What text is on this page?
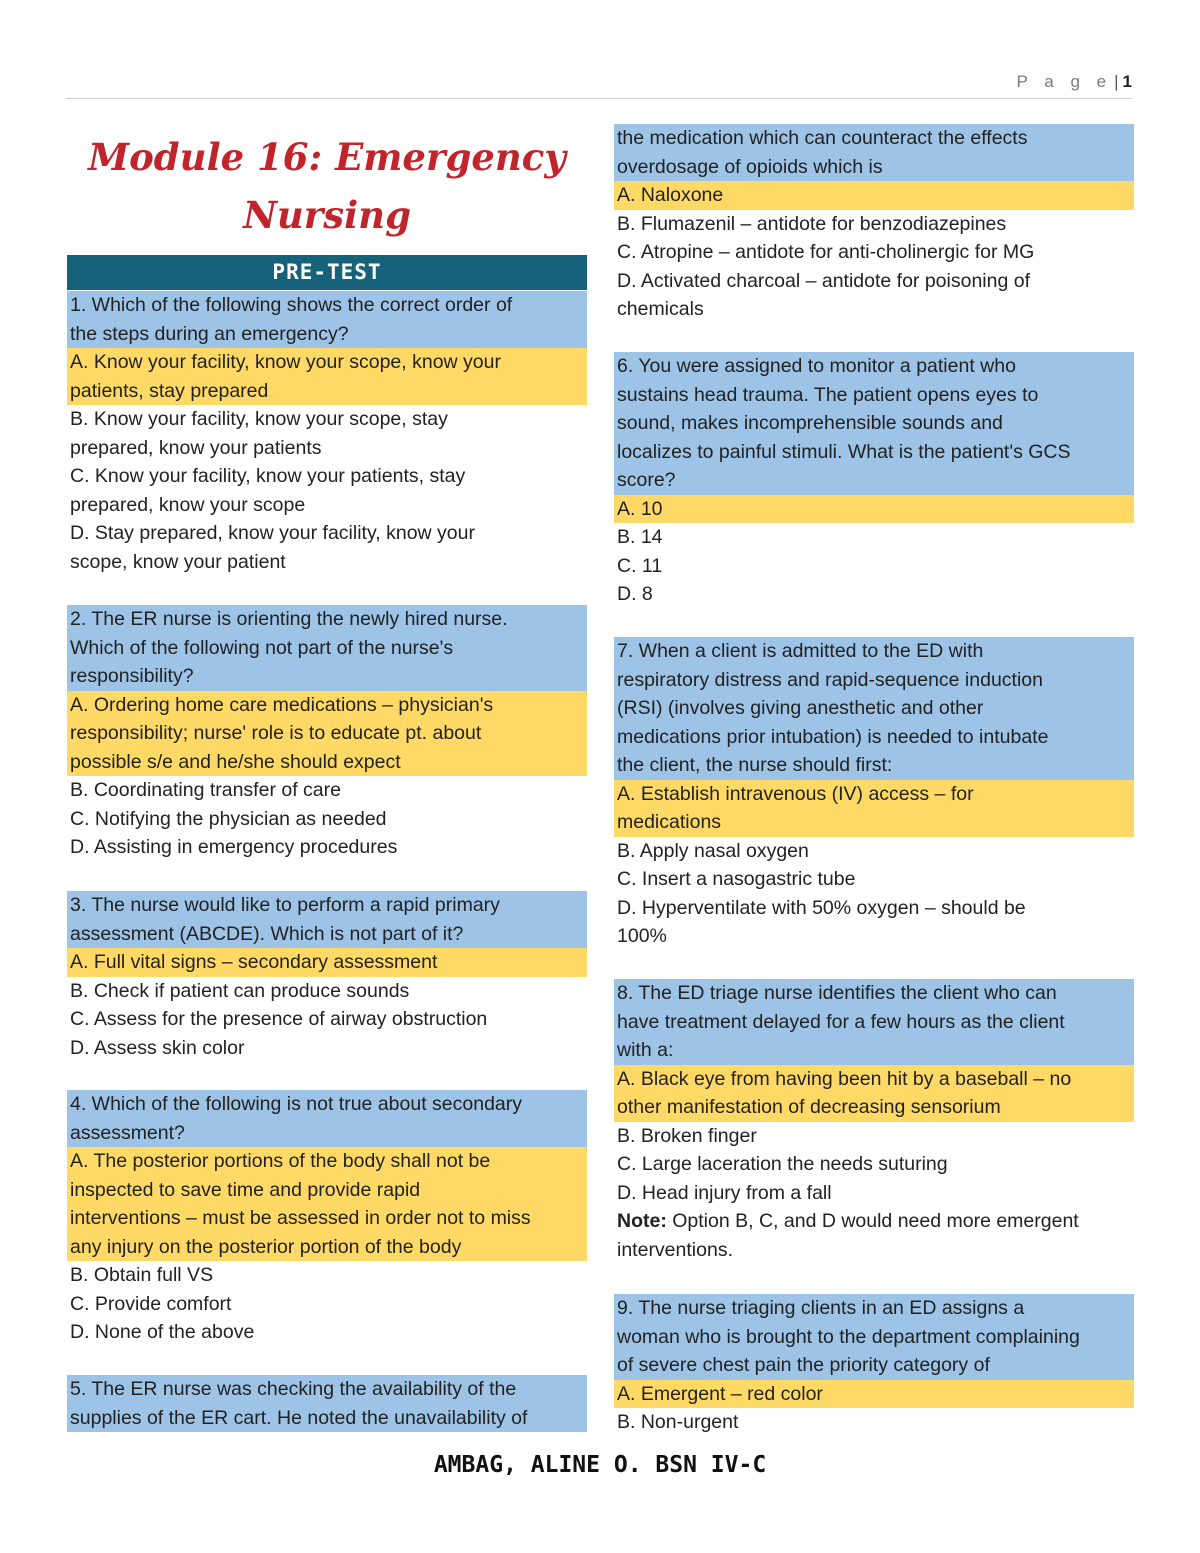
P a g e | 1
Module 16: Emergency
Nursing
PRE-TEST
1. Which of the following shows the correct order of
the steps during an emergency?
A. Know your facility, know your scope, know your
patients, stay prepared
B. Know your facility, know your scope, stay
prepared, know your patients
C. Know your facility, know your patients, stay
prepared, know your scope
D. Stay prepared, know your facility, know your
scope, know your patient
2. The ER nurse is orienting the newly hired nurse.
Which of the following not part of the nurse's
responsibility?
A. Ordering home care medications – physician's
responsibility; nurse' role is to educate pt. about
possible s/e and he/she should expect
B. Coordinating transfer of care
C. Notifying the physician as needed
D. Assisting in emergency procedures
3. The nurse would like to perform a rapid primary
assessment (ABCDE). Which is not part of it?
A. Full vital signs – secondary assessment
B. Check if patient can produce sounds
C. Assess for the presence of airway obstruction
D. Assess skin color
4. Which of the following is not true about secondary
assessment?
A. The posterior portions of the body shall not be
inspected to save time and provide rapid
interventions – must be assessed in order not to miss
any injury on the posterior portion of the body
B. Obtain full VS
C. Provide comfort
D. None of the above
5. The ER nurse was checking the availability of the
supplies of the ER cart. He noted the unavailability of
the medication which can counteract the effects
overdosage of opioids which is
A. Naloxone
B. Flumazenil – antidote for benzodiazepines
C. Atropine – antidote for anti-cholinergic for MG
D. Activated charcoal – antidote for poisoning of
chemicals
6. You were assigned to monitor a patient who
sustains head trauma. The patient opens eyes to
sound, makes incomprehensible sounds and
localizes to painful stimuli. What is the patient's GCS
score?
A. 10
B. 14
C. 11
D. 8
7. When a client is admitted to the ED with
respiratory distress and rapid-sequence induction
(RSI) (involves giving anesthetic and other
medications prior intubation) is needed to intubate
the client, the nurse should first:
A. Establish intravenous (IV) access – for
medications
B. Apply nasal oxygen
C. Insert a nasogastric tube
D. Hyperventilate with 50% oxygen – should be
100%
8. The ED triage nurse identifies the client who can
have treatment delayed for a few hours as the client
with a:
A. Black eye from having been hit by a baseball – no
other manifestation of decreasing sensorium
B. Broken finger
C. Large laceration the needs suturing
D. Head injury from a fall
Note: Option B, C, and D would need more emergent
interventions.
9. The nurse triaging clients in an ED assigns a
woman who is brought to the department complaining
of severe chest pain the priority category of
A. Emergent – red color
B. Non-urgent
AMBAG, ALINE O. BSN IV-C
